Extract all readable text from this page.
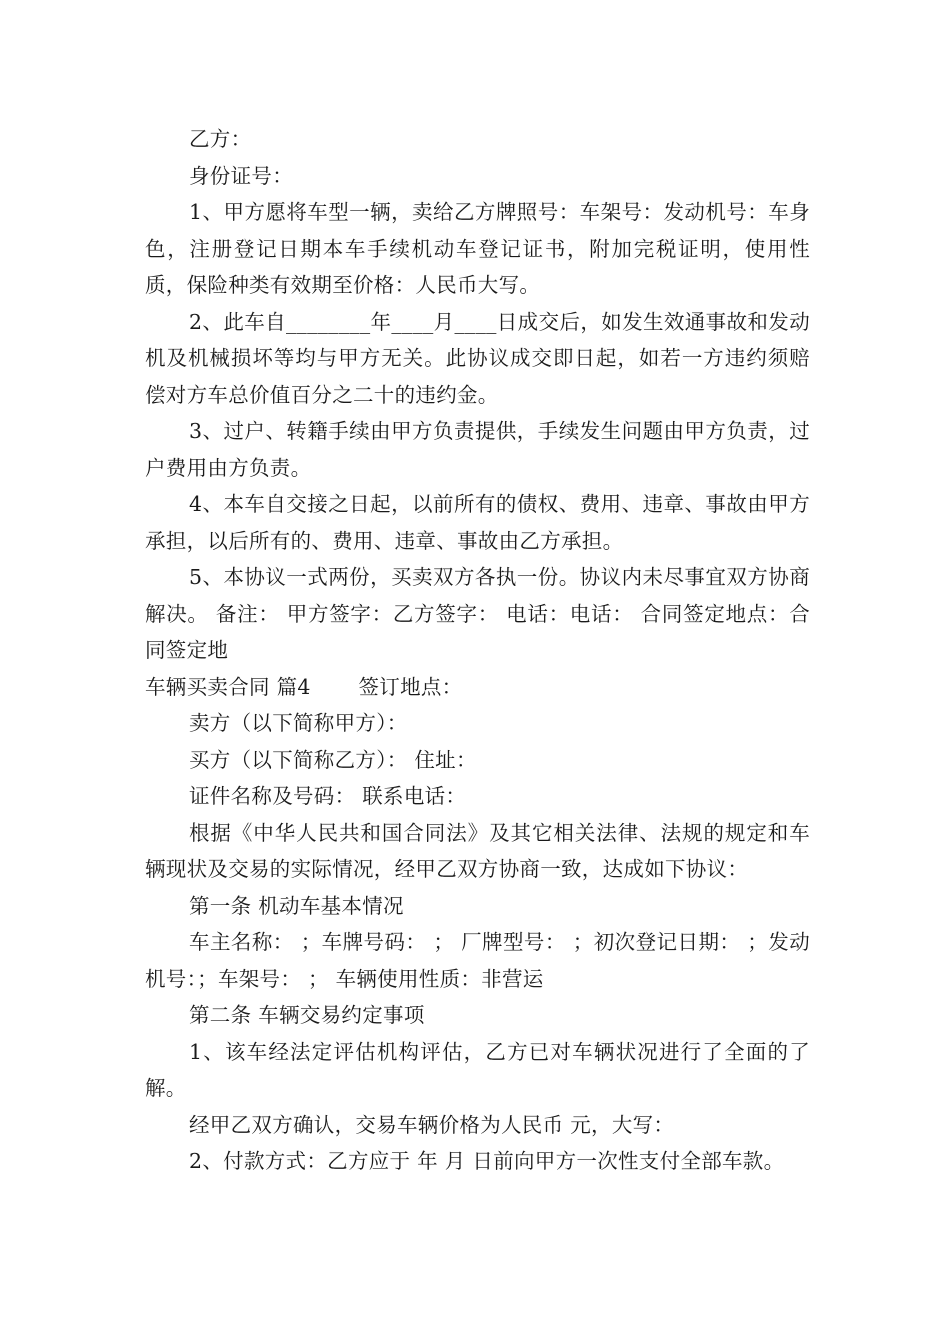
乙方：

身份证号：

1、甲方愿将车型一辆，卖给乙方牌照号：车架号：发动机号：车身色，注册登记日期本车手续机动车登记证书，附加完税证明，使用性质，保险种类有效期至价格：人民币大写。

2、此车自________年____月____日成交后，如发生效通事故和发动机及机械损坏等均与甲方无关。此协议成交即日起，如若一方违约须赔偿对方车总价值百分之二十的违约金。

3、过户、转籍手续由甲方负责提供，手续发生问题由甲方负责，过户费用由方负责。

4、本车自交接之日起，以前所有的债权、费用、违章、事故由甲方承担，以后所有的、费用、违章、事故由乙方承担。

5、本协议一式两份，买卖双方各执一份。协议内未尽事宜双方协商解决。 备注： 甲方签字：乙方签字： 电话：电话： 合同签定地点：合同签定地

车辆买卖合同 篇4       签订地点：

卖方（以下简称甲方）：

买方（以下简称乙方）： 住址：

证件名称及号码： 联系电话：

根据《中华人民共和国合同法》及其它相关法律、法规的规定和车辆现状及交易的实际情况，经甲乙双方协商一致，达成如下协议：

第一条 机动车基本情况

车主名称： ；车牌号码： ； 厂牌型号： ；初次登记日期： ；发动机号：；车架号： ； 车辆使用性质：非营运

第二条 车辆交易约定事项

1、该车经法定评估机构评估，乙方已对车辆状况进行了全面的了解。

经甲乙双方确认，交易车辆价格为人民币 元，大写：

2、付款方式：乙方应于 年 月 日前向甲方一次性支付全部车款。
